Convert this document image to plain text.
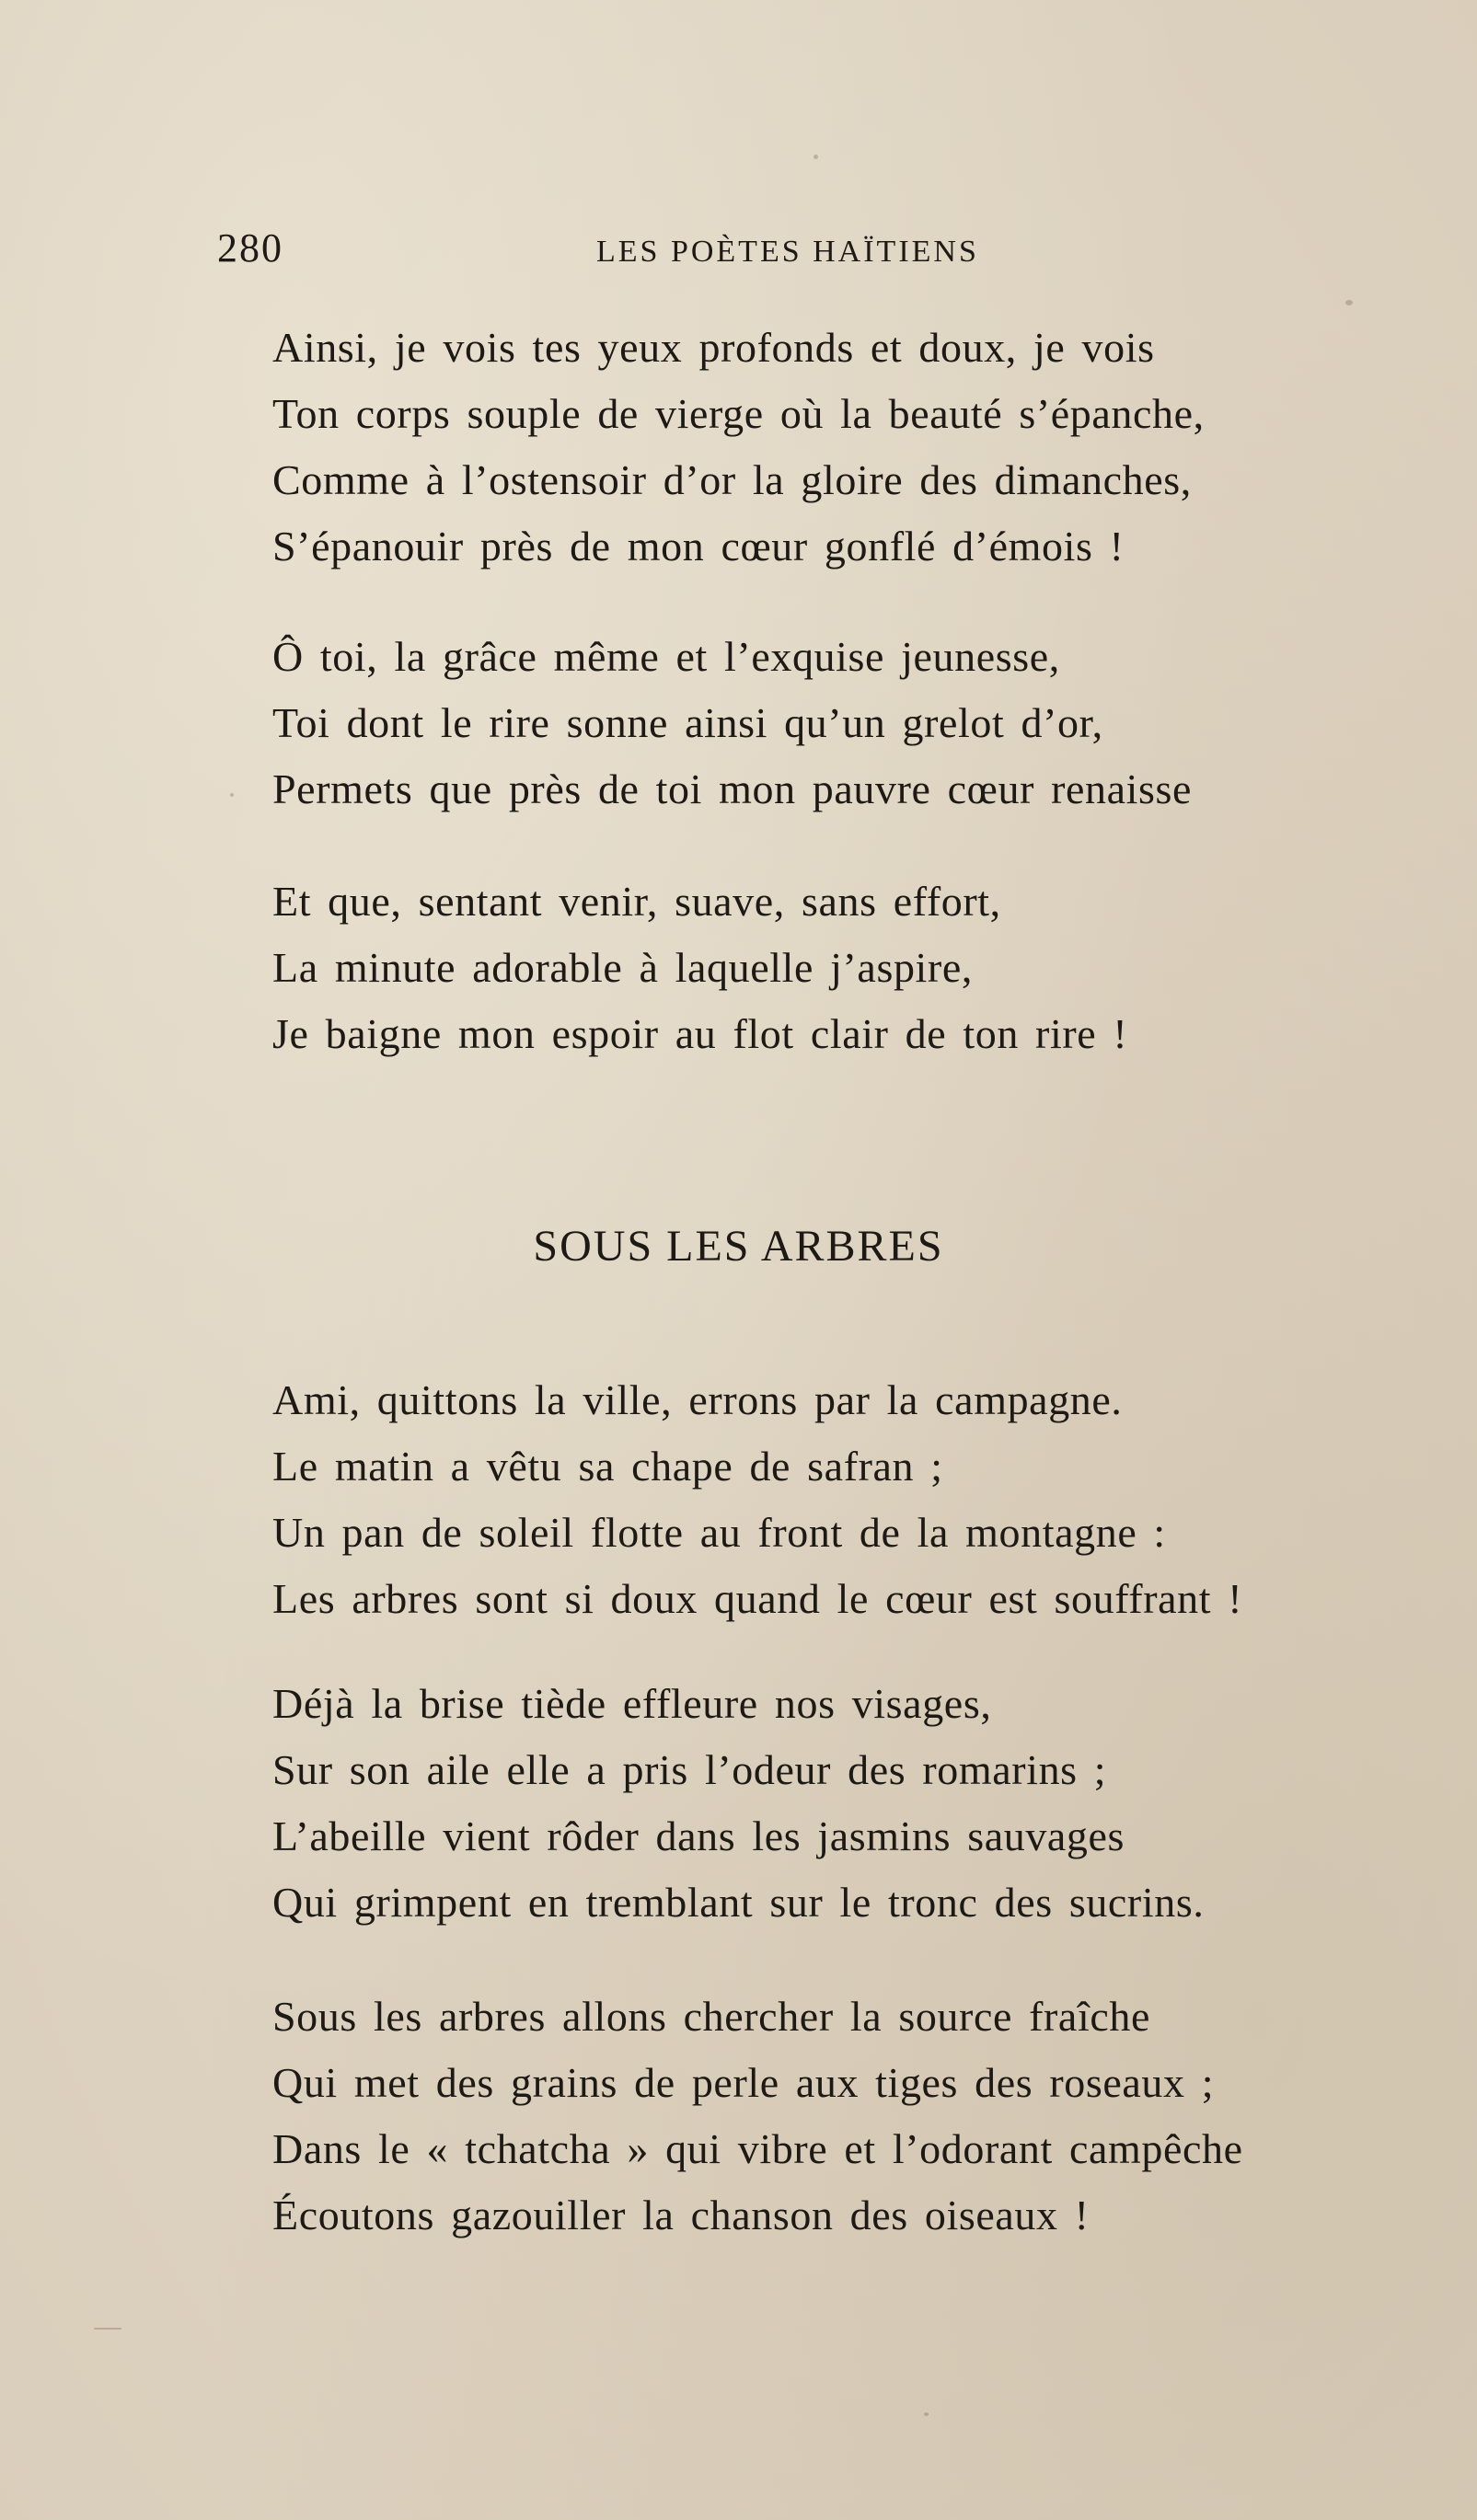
280	LES POÈTES HAÏTIENS
Ainsi, je vois tes yeux profonds et doux, je vois
Ton corps souple de vierge où la beauté s’épanche,
Comme à l’ostensoir d’or la gloire des dimanches,
S’épanouir près de mon cœur gonflé d’émois !
Ô toi, la grâce même et l’exquise jeunesse,
Toi dont le rire sonne ainsi qu’un grelot d’or,
Permets que près de toi mon pauvre cœur renaisse
Et que, sentant venir, suave, sans effort,
La minute adorable à laquelle j’aspire,
Je baigne mon espoir au flot clair de ton rire !
SOUS LES ARBRES
Ami, quittons la ville, errons par la campagne.
Le matin a vêtu sa chape de safran ;
Un pan de soleil flotte au front de la montagne :
Les arbres sont si doux quand le cœur est souffrant !
Déjà la brise tiède effleure nos visages,
Sur son aile elle a pris l’odeur des romarins ;
L’abeille vient rôder dans les jasmins sauvages
Qui grimpent en tremblant sur le tronc des sucrins.
Sous les arbres allons chercher la source fraîche
Qui met des grains de perle aux tiges des roseaux ;
Dans le « tchatcha » qui vibre et l’odorant campêche
Écoutons gazouiller la chanson des oiseaux !
